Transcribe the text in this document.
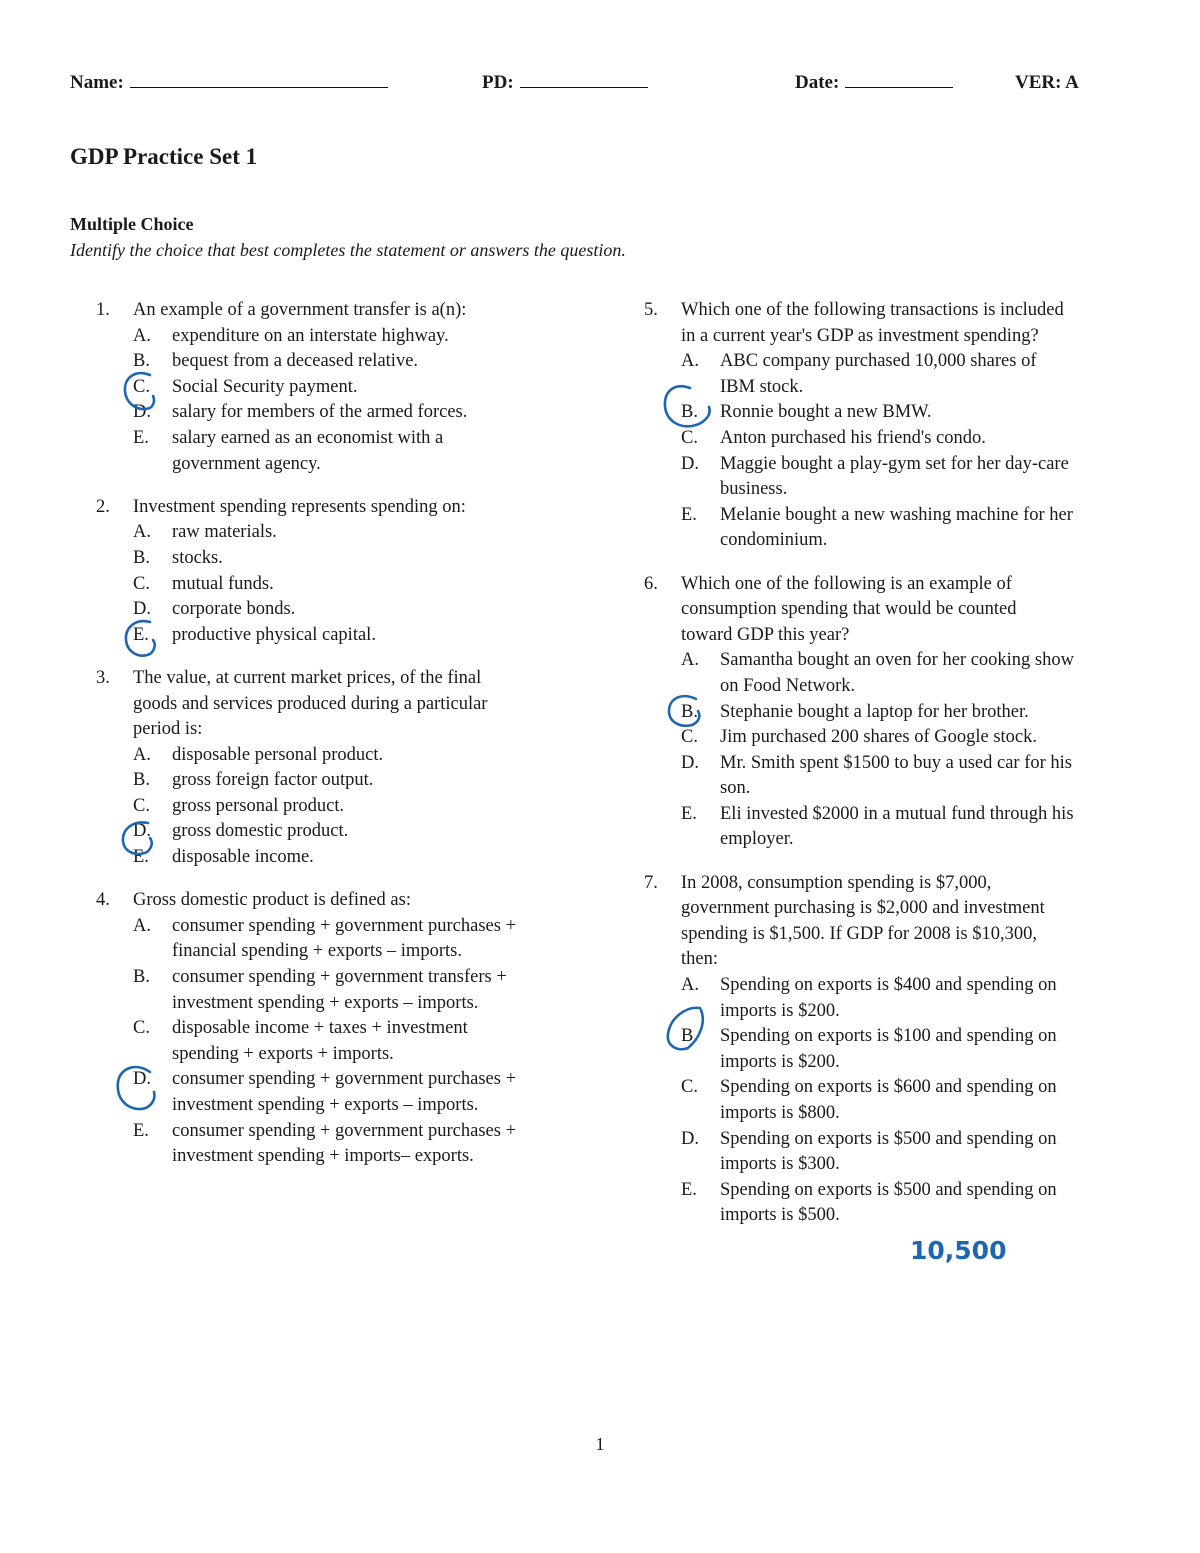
Name:	PD:	Date:	VER: A
GDP Practice Set 1
Multiple Choice
Identify the choice that best completes the statement or answers the question.
1. An example of a government transfer is a(n):
A. expenditure on an interstate highway.
B. bequest from a deceased relative.
C. Social Security payment.
D. salary for members of the armed forces.
E. salary earned as an economist with a
government agency.
2. Investment spending represents spending on:
A. raw materials.
B. stocks.
C. mutual funds.
D. corporate bonds.
E. productive physical capital.
3. The value, at current market prices, of the final
goods and services produced during a particular
period is:
A. disposable personal product.
B. gross foreign factor output.
C. gross personal product.
D. gross domestic product.
E. disposable income.
4. Gross domestic product is defined as:
A. consumer spending + government purchases +
financial spending + exports – imports.
B. consumer spending + government transfers +
investment spending + exports – imports.
C. disposable income + taxes + investment
spending + exports + imports.
D. consumer spending + government purchases +
investment spending + exports – imports.
E. consumer spending + government purchases +
investment spending + imports– exports.
5. Which one of the following transactions is included
in a current year's GDP as investment spending?
A. ABC company purchased 10,000 shares of
IBM stock.
B. Ronnie bought a new BMW.
C. Anton purchased his friend's condo.
D. Maggie bought a play-gym set for her day-care
business.
E. Melanie bought a new washing machine for her
condominium.
6. Which one of the following is an example of
consumption spending that would be counted
toward GDP this year?
A. Samantha bought an oven for her cooking show
on Food Network.
B. Stephanie bought a laptop for her brother.
C. Jim purchased 200 shares of Google stock.
D. Mr. Smith spent $1500 to buy a used car for his
son.
E. Eli invested $2000 in a mutual fund through his
employer.
7. In 2008, consumption spending is $7,000,
government purchasing is $2,000 and investment
spending is $1,500. If GDP for 2008 is $10,300,
then:
A. Spending on exports is $400 and spending on
imports is $200.
B. Spending on exports is $100 and spending on
imports is $200.
C. Spending on exports is $600 and spending on
imports is $800.
D. Spending on exports is $500 and spending on
imports is $300.
E. Spending on exports is $500 and spending on
imports is $500.
10,500
1
